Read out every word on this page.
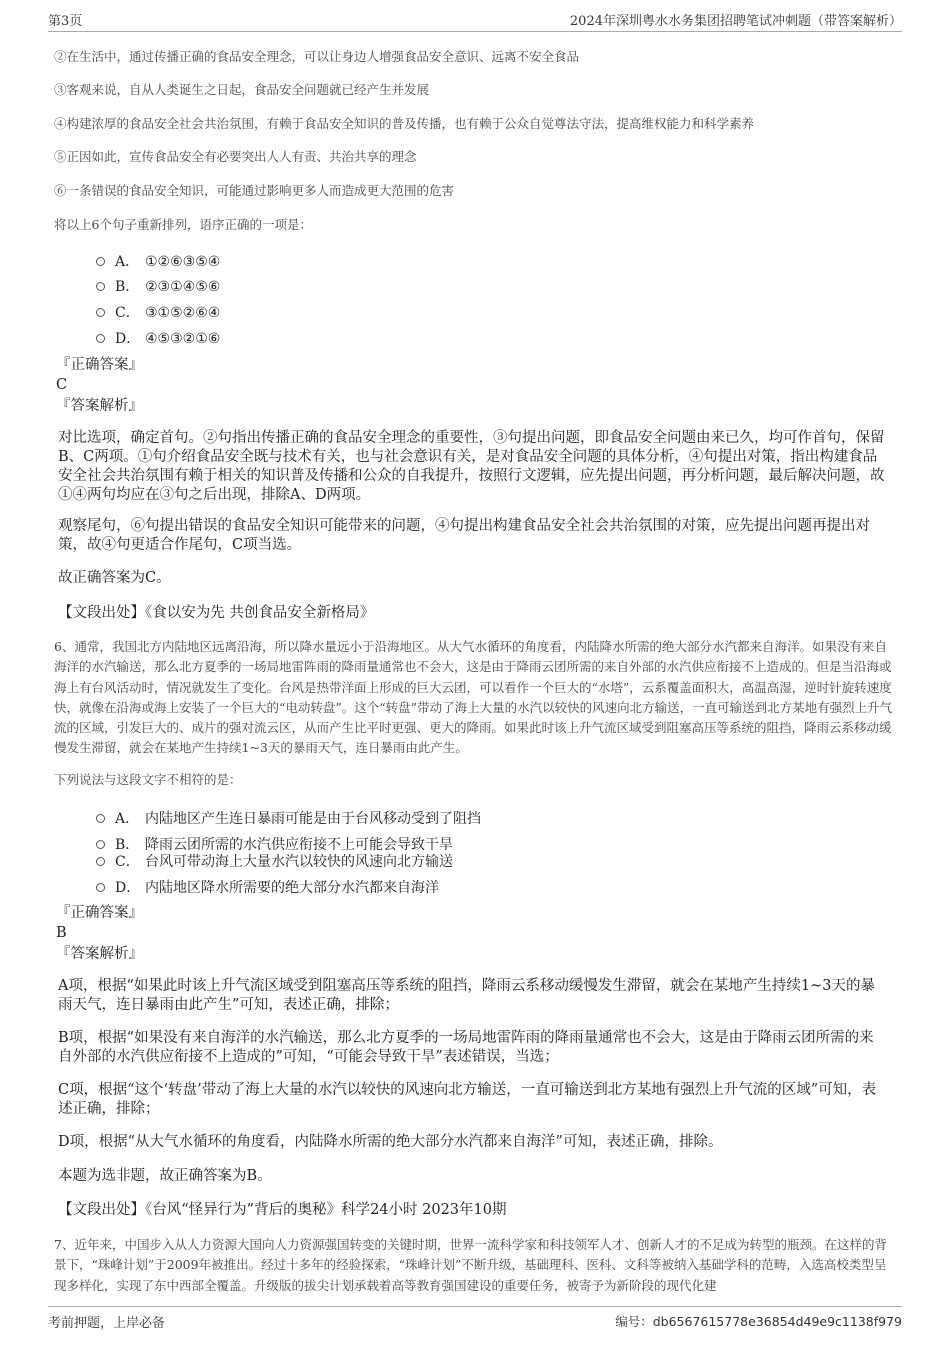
第3页	2024年深圳粤水水务集团招聘笔试冲刺题（带答案解析）
②在生活中，通过传播正确的食品安全理念，可以让身边人增强食品安全意识、远离不安全食品
③客观来说，自从人类诞生之日起，食品安全问题就已经产生并发展
④构建浓厚的食品安全社会共治氛围，有赖于食品安全知识的普及传播，也有赖于公众自觉尊法守法，提高维权能力和科学素养
⑤正因如此，宣传食品安全有必要突出人人有责、共治共享的理念
⑥一条错误的食品安全知识，可能通过影响更多人而造成更大范围的危害
将以上6个句子重新排列，语序正确的一项是：
A． ①②⑥③⑤④
B． ②③①④⑤⑥
C． ③①⑤②⑥④
D． ④⑤③②①⑥
『正确答案』
C
『答案解析』
对比选项，确定首句。②句指出传播正确的食品安全理念的重要性，③句提出问题，即食品安全问题由来已久，均可作首句，保留B、C两项。①句介绍食品安全既与技术有关，也与社会意识有关，是对食品安全问题的具体分析，④句提出对策，指出构建食品安全社会共治氛围有赖于相关的知识普及传播和公众的自我提升，按照行文逻辑，应先提出问题，再分析问题，最后解决问题，故①④两句均应在③句之后出现，排除A、D两项。
观察尾句，⑥句提出错误的食品安全知识可能带来的问题，④句提出构建食品安全社会共治氛围的对策，应先提出问题再提出对策，故④句更适合作尾句，C项当选。
故正确答案为C。
【文段出处】《食以安为先 共创食品安全新格局》
6、通常，我国北方内陆地区远离沿海，所以降水量远小于沿海地区。从大气水循环的角度看，内陆降水所需的绝大部分水汽都来自海洋。如果没有来自海洋的水汽输送，那么北方夏季的一场局地雷阵雨的降雨量通常也不会大，这是由于降雨云团所需的来自外部的水汽供应衔接不上造成的。但是当沿海或海上有台风活动时，情况就发生了变化。台风是热带洋面上形成的巨大云团，可以看作一个巨大的“水塔”，云系覆盖面积大，高温高湿，逆时针旋转速度快，就像在沿海或海上安装了一个巨大的“电动转盘”。这个“转盘”带动了海上大量的水汽以较快的风速向北方输送，一直可输送到北方某地有强烈上升气流的区域，引发巨大的、成片的强对流云区，从而产生比平时更强、更大的降雨。如果此时该上升气流区域受到阻塞高压等系统的阻挡，降雨云系移动缓慢发生滞留，就会在某地产生持续1~3天的暴雨天气，连日暴雨由此产生。
下列说法与这段文字不相符的是：
A． 内陆地区产生连日暴雨可能是由于台风移动受到了阻挡
B． 降雨云团所需的水汽供应衔接不上可能会导致干旱
C． 台风可带动海上大量水汽以较快的风速向北方输送
D． 内陆地区降水所需要的绝大部分水汽都来自海洋
『正确答案』
B
『答案解析』
A项，根据“如果此时该上升气流区域受到阻塞高压等系统的阻挡，降雨云系移动缓慢发生滞留，就会在某地产生持续1~3天的暴雨天气，连日暴雨由此产生”可知，表述正确，排除；
B项，根据“如果没有来自海洋的水汽输送，那么北方夏季的一场局地雷阵雨的降雨量通常也不会大，这是由于降雨云团所需的来自外部的水汽供应衔接不上造成的”可知，“可能会导致干旱”表述错误，当选；
C项，根据“这个‘转盘’带动了海上大量的水汽以较快的风速向北方输送，一直可输送到北方某地有强烈上升气流的区域”可知，表述正确，排除；
D项，根据“从大气水循环的角度看，内陆降水所需的绝大部分水汽都来自海洋”可知，表述正确，排除。
本题为选非题，故正确答案为B。
【文段出处】《台风“怪异行为”背后的奥秘》科学24小时 2023年10期
7、近年来，中国步入从人力资源大国向人力资源强国转变的关键时期，世界一流科学家和科技领军人才、创新人才的不足成为转型的瓶颈。在这样的背景下，“珠峰计划”于2009年被推出。经过十多年的经验探索，“珠峰计划”不断升级，基础理科、医科、文科等被纳入基础学科的范畴，入选高校类型呈现多样化，实现了东中西部全覆盖。升级版的拔尖计划承载着高等教育强国建设的重要任务，被寄予为新阶段的现代化建
考前押题，上岸必备	编号：db6567615778e36854d49e9c1138f979
